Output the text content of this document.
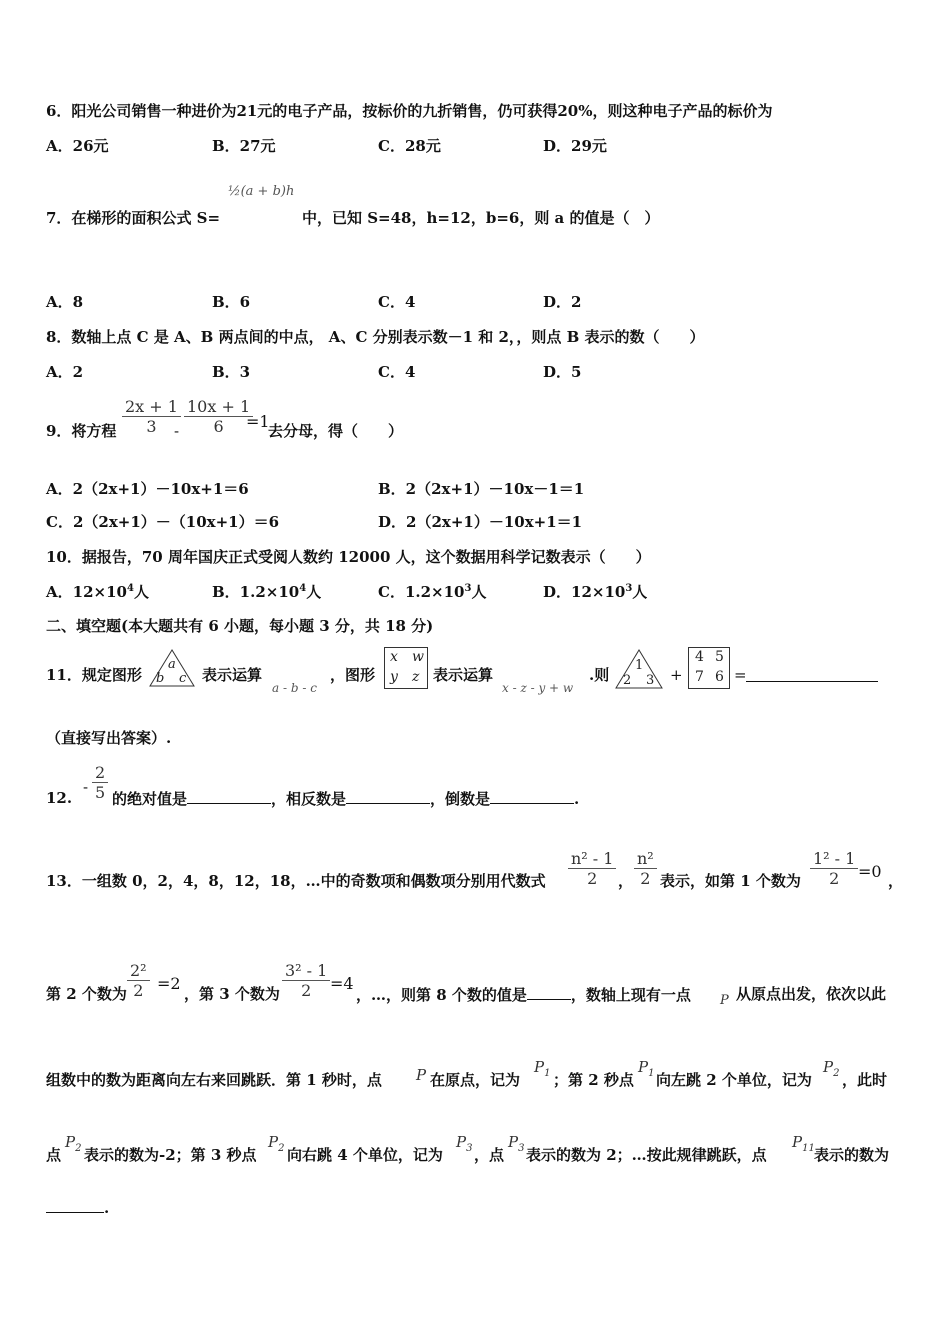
6．阳光公司销售一种进价为21元的电子产品，按标价的九折销售，仍可获得20%，则这种电子产品的标价为
A．26元	B．27元	C．28元	D．29元
½(a + b)h
7．在梯形的面积公式 S=	中，已知 S=48，h=12，b=6，则 a 的值是（　）
A．8	B．6	C．4	D．2
8．数轴上点 C 是 A、B 两点间的中点， A、C 分别表示数－1 和 2，，则点 B 表示的数（　　）
A．2	B．3	C．4	D．5
9．将方程 $\frac{2x + 1}{3}$
- $\frac{10x + 1}{6}$
=1
去分母，得（　　）
A．2（2x+1）－10x+1＝6	B．2（2x+1）－10x－1＝1
C．2（2x+1）－（10x+1）＝6	D．2（2x+1）－10x+1＝1
10．据报告，70 周年国庆正式受阅人数约 12000 人，这个数据用科学记数表示（　　）
A．$12\times 10^4$人	B．$1.2\times 10^4$人	C．$1.2\times 10^3$人	D．$12\times 10^3$人
二、填空题(本大题共有 6 小题，每小题 3 分，共 18 分)
11．规定图形
a
b c 表示运算
a - b - c
，图形
x w
y z 表示运算
x - z - y + w
.则
1
2 3 +
4 5
7 6 =
（直接写出答案）.
12.
- $\frac{2}{5}$ 的绝对值是	，相反数是	，倒数是	.
13．一组数 0，2，4，8，12，18，…中的奇数项和偶数项分别用代数式 $\frac{\text{n² - 1}}{2}$ ， $\frac{\text{n²}}{2}$ 表示，如第 1 个数为 $\frac{\text{1² - 1}}{2} =0$ ，
第 2 个数为 $\frac{\text{2²}}{2} =2$
，第 3 个数为 $\frac{\text{3² - 1}}{2} =4$
，…，则第 8 个数的值是	，数轴上现有一点 P 从原点出发，依次以此
组数中的数为距离向左右来回跳跃．第 1 秒时，点 P 在原点，记为
$P_1$ ；第 2 秒点
$P_1$ 向左跳 2 个单位，记为
$P_2$ ，此时
点
$P_2$ 表示的数为-2；第 3 秒点
$P_2$ 向右跳 4 个单位，记为
$P_3$ ，点
$P_3$ 表示的数为 2；…按此规律跳跃，点
$P_{11}$ 表示的数为
.
